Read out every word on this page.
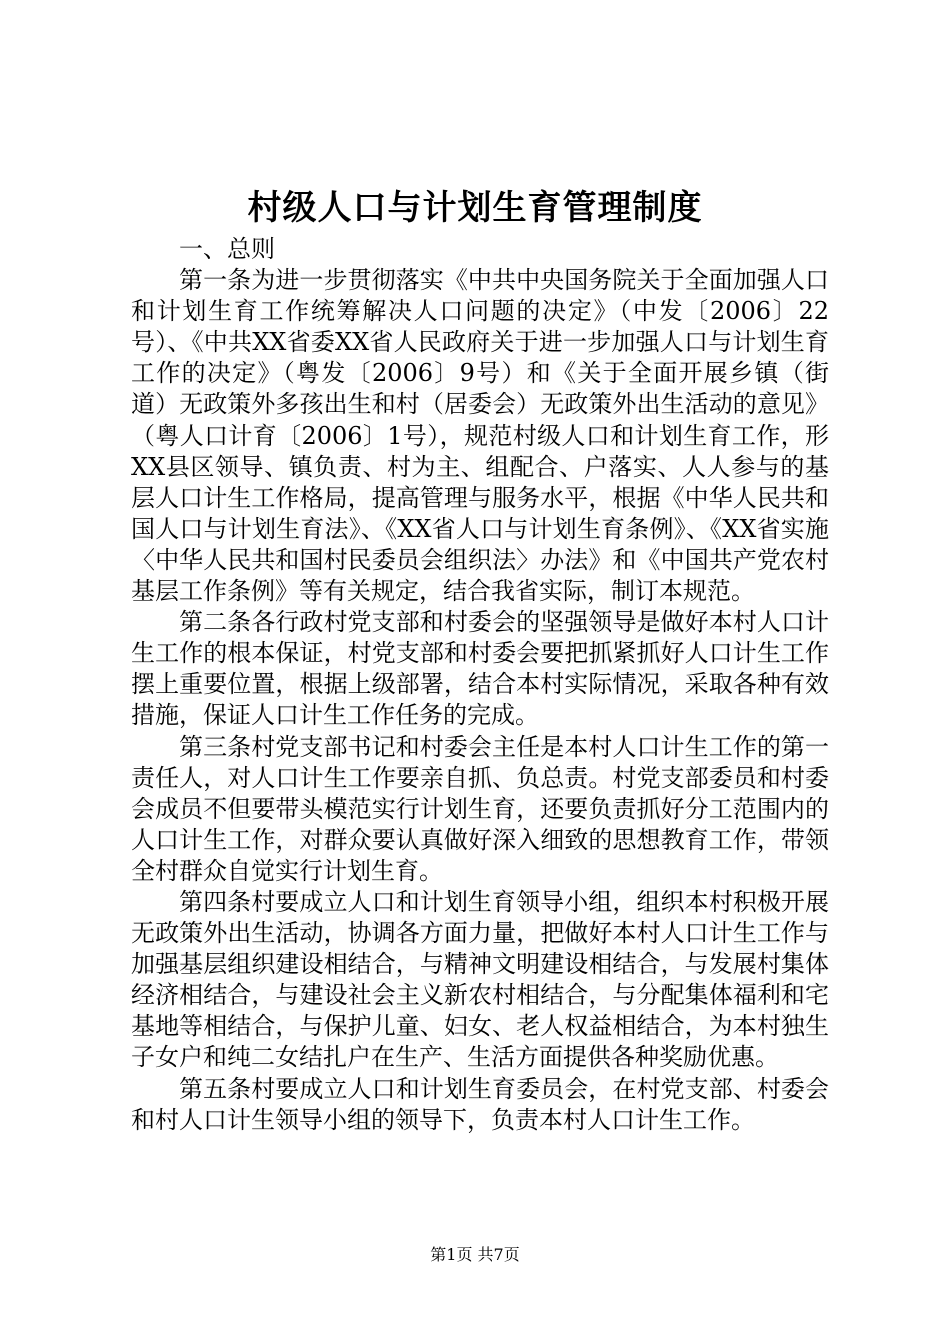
村级人口与计划生育管理制度

一、总则

第一条为进一步贯彻落实《中共中央国务院关于全面加强人口和计划生育工作统筹解决人口问题的决定》（中发〔2006〕22号）、《中共XX省委XX省人民政府关于进一步加强人口与计划生育工作的决定》（粤发〔2006〕9号）和《关于全面开展乡镇（街道）无政策外多孩出生和村（居委会）无政策外出生活动的意见》（粤人口计育〔2006〕1号），规范村级人口和计划生育工作，形XX县区领导、镇负责、村为主、组配合、户落实、人人参与的基层人口计生工作格局，提高管理与服务水平，根据《中华人民共和国人口与计划生育法》、《XX省人口与计划生育条例》、《XX省实施〈中华人民共和国村民委员会组织法〉办法》和《中国共产党农村基层工作条例》等有关规定，结合我省实际，制订本规范。

第二条各行政村党支部和村委会的坚强领导是做好本村人口计生工作的根本保证，村党支部和村委会要把抓紧抓好人口计生工作摆上重要位置，根据上级部署，结合本村实际情况，采取各种有效措施，保证人口计生工作任务的完成。

第三条村党支部书记和村委会主任是本村人口计生工作的第一责任人，对人口计生工作要亲自抓、负总责。村党支部委员和村委会成员不但要带头模范实行计划生育，还要负责抓好分工范围内的人口计生工作，对群众要认真做好深入细致的思想教育工作，带领全村群众自觉实行计划生育。

第四条村要成立人口和计划生育领导小组，组织本村积极开展无政策外出生活动，协调各方面力量，把做好本村人口计生工作与加强基层组织建设相结合，与精神文明建设相结合，与发展村集体经济相结合，与建设社会主义新农村相结合，与分配集体福利和宅基地等相结合，与保护儿童、妇女、老人权益相结合，为本村独生子女户和纯二女结扎户在生产、生活方面提供各种奖励优惠。

第五条村要成立人口和计划生育委员会，在村党支部、村委会和村人口计生领导小组的领导下，负责本村人口计生工作。

第1页 共7页
